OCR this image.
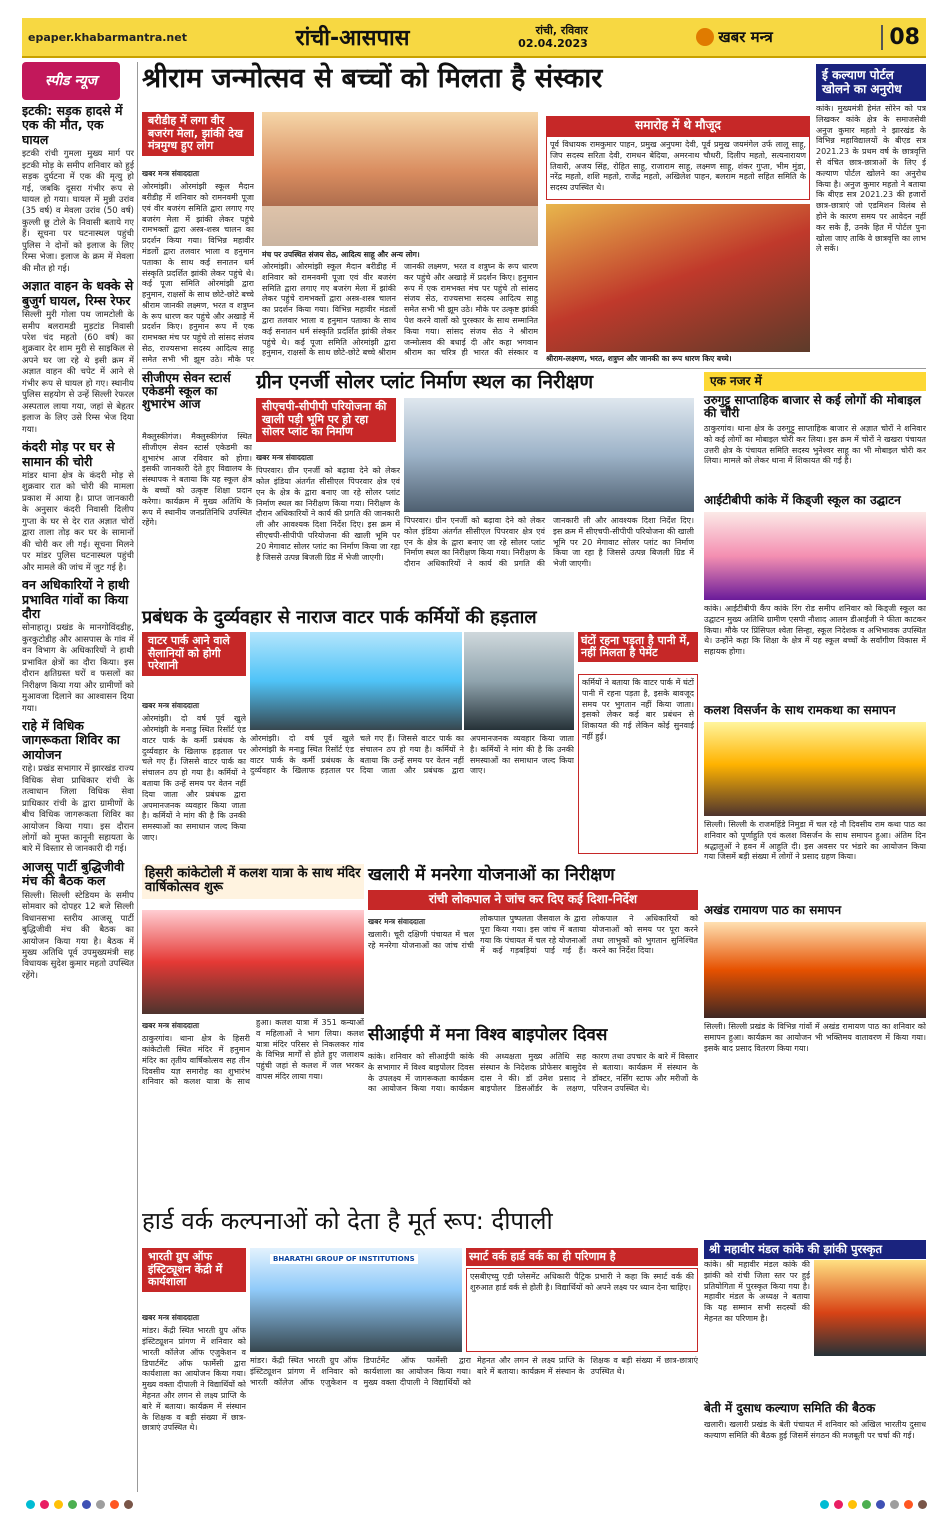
epaper.khabarmantra.net	रांची-आसपास	रांची, रविवार
02.04.2023	खबर मन्त्र	08
स्पीड न्यूज
इटकी: सड़क हादसे में एक की मौत, एक घायल

इटकी रांची गुमला मुख्य मार्ग पर इटकी मोड़ के समीप शनिवार को हुई सड़क दुर्घटना में एक की मृत्यु हो गई, जबकि दूसरा गंभीर रूप से घायल हो गया। घायल में मुन्नी उरांव (35 वर्ष) व मेवला उरांव (50 वर्ष) कुल्ली छू टोले के निवासी बताये गए हैं। सूचना पर घटनास्थल पहुंची पुलिस ने दोनों को इलाज के लिए रिम्स भेजा। इलाज के क्रम में मेवला की मौत हो गई।

अज्ञात वाहन के धक्के से बुजुर्ग घायल, रिम्स रेफर

सिल्ली मुरी गोला पथ जामटोली के समीप बलरामडी मुड़टांड निवासी परेश चंद महतो (60 वर्ष) का शुक्रवार देर शाम मुरी से साइकिल से अपने घर जा रहे थे इसी क्रम में अज्ञात वाहन की चपेट में आने से गंभीर रूप से घायल हो गए। स्थानीय पुलिस सहयोग से उन्हें सिल्ली रेफरल अस्पताल लाया गया, जहां से बेहतर इलाज के लिए उसे रिम्स भेज दिया गया।

कंदरी मोड़ पर घर से सामान की चोरी

मांडर थाना क्षेत्र के कंदरी मोड़ से शुक्रवार रात को चोरी की मामला प्रकाश में आया है। प्राप्त जानकारी के अनुसार कंदरी निवासी दिलीप गुप्ता के घर से देर रात अज्ञात चोरों द्वारा ताला तोड़ कर घर के सामानों की चोरी कर ली गई। सूचना मिलने पर मांडर पुलिस घटनास्थल पहुंची और मामले की जांच में जुट गई है।

वन अधिकारियों ने हाथी प्रभावित गांवों का किया दौरा

सोनाहातू। प्रखंड के मानगोविंदडीह, कुरकुटोडीह और आसपास के गांव में वन विभाग के अधिकारियों ने हाथी प्रभावित क्षेत्रों का दौरा किया। इस दौरान क्षतिग्रस्त घरों व फसलों का निरीक्षण किया गया और ग्रामीणों को मुआवजा दिलाने का आश्वासन दिया गया।

राहे में विधिक जागरूकता शिविर का आयोजन

राहे। प्रखंड सभागार में झारखंड राज्य विधिक सेवा प्राधिकार रांची के तत्वाधान जिला विधिक सेवा प्राधिकार रांची के द्वारा ग्रामीणों के बीच विधिक जागरूकता शिविर का आयोजन किया गया। इस दौरान लोगों को मुफ्त कानूनी सहायता के बारे में विस्तार से जानकारी दी गई।

आजसू पार्टी बुद्धिजीवी मंच की बैठक कल

सिल्ली। सिल्ली स्टेडियम के समीप सोमवार को दोपहर 12 बजे सिल्ली विधानसभा स्तरीय आजसू पार्टी बुद्धिजीवी मंच की बैठक का आयोजन किया गया है। बैठक में मुख्य अतिथि पूर्व उपमुख्यमंत्री सह विधायक सुदेश कुमार महतो उपस्थित रहेंगे।

श्रीराम जन्मोत्सव से बच्चों को मिलता है संस्कार
बरीडीह में लगा वीर बजरंग मेला, झांकी देख मंत्रमुग्ध हुए लोग
मंच पर उपस्थित संजय सेठ, आदित्य साहू और अन्य लोग।
खबर मन्त्र संवाददाता
ओरमांझी। ओरमांझी स्कूल मैदान बरीडीह में शनिवार को रामनवमी पूजा एवं वीर बजरंग समिति द्वारा लगाए गए बजरंग मेला में झांकी लेकर पहुंचे रामभक्तों द्वारा अस्त्र-शस्त्र चालन का प्रदर्शन किया गया। विभिन्न महावीर मंडलों द्वारा तलवार भाला व हनुमान पताका के साथ कई सनातन धर्म संस्कृति प्रदर्शित झांकी लेकर पहुंचे थे। कई पूजा समिति ओरमांझी द्वारा हनुमान, राक्षसों के साथ छोटे-छोटे बच्चे श्रीराम जानकी लक्ष्मण, भरत व शत्रुघ्न के रूप धारण कर पहुंचे और अखाड़े में प्रदर्शन किए। हनुमान रूप में एक रामभक्त मंच पर पहुंचे तो सांसद संजय सेठ, राज्यसभा सदस्य आदित्य साहू समेत सभी भी झूम उठे। मौके पर
ओरमांझी। ओरमांझी स्कूल मैदान बरीडीह में शनिवार को रामनवमी पूजा एवं वीर बजरंग समिति द्वारा लगाए गए बजरंग मेला में झांकी लेकर पहुंचे रामभक्तों द्वारा अस्त्र-शस्त्र चालन का प्रदर्शन किया गया। विभिन्न महावीर मंडलों द्वारा तलवार भाला व हनुमान पताका के साथ कई सनातन धर्म संस्कृति प्रदर्शित झांकी लेकर पहुंचे थे। कई पूजा समिति ओरमांझी द्वारा हनुमान, राक्षसों के साथ छोटे-छोटे बच्चे श्रीराम जानकी लक्ष्मण, भरत व शत्रुघ्न के रूप धारण कर पहुंचे और अखाड़े में प्रदर्शन किए। हनुमान रूप में एक रामभक्त मंच पर पहुंचे तो सांसद संजय सेठ, राज्यसभा सदस्य आदित्य साहू समेत सभी भी झूम उठे। मौके पर उत्कृष्ट झांकी पेश करने वालों को पुरस्कार के साथ सम्मानित किया गया। सांसद संजय सेठ ने श्रीराम जन्मोत्सव की बधाई दी और कहा भगवान श्रीराम का चरित्र ही भारत की संस्कार व
समारोह में थे मौजूद
पूर्व विधायक रामकुमार पाहन, प्रमुख अनुपमा देवी, पूर्व प्रमुख जयमंगेल उर्फ लालू साहू, जिप सदस्य सरिता देवी, रामधन बेदिया, अमरनाथ चौधरी, दिलीप महतो, सत्यनारायण तिवारी, अजय सिंह, रोहित साहू, राजाराम साहू, लक्ष्मण साहू, शंकर गुप्ता, भीम मुंडा, नरेंद्र महतो, शशि महतो, राजेंद्र महतो, अखिलेश पाहन, बलराम महतो सहित समिति के सदस्य उपस्थित थे।
श्रीराम-लक्ष्मण, भरत, शत्रुघ्न और जानकी का रूप धारण किए बच्चे।
ई कल्याण पोर्टल खोलने का अनुरोध
कांके। मुख्यमंत्री हेमंत सोरेन को पत्र लिखकर कांके क्षेत्र के समाजसेवी अनुज कुमार महतो ने झारखंड के विभिन्न महाविद्यालयों के बीएड सत्र 2021.23 के प्रथम वर्ष के छात्रवृत्ति से वंचित छात्र-छात्राओं के लिए ई कल्याण पोर्टल खोलने का अनुरोध किया है। अनुज कुमार महतो ने बताया कि बीएड सत्र 2021.23 की हजारों छात्र-छात्राएं जो एडमिशन विलंब से होने के कारण समय पर आवेदन नहीं कर सके हैं, उनके हित में पोर्टल पुनः खोला जाए ताकि वे छात्रवृत्ति का लाभ ले सकें।
सीजीएम सेवन स्टार्स एकेडमी स्कूल का शुभारंभ आज
मैक्लुस्कीगंज। मैक्लुस्कीगंज स्थित सीजीएम सेवन स्टार्स एकेडमी का शुभारंभ आज रविवार को होगा। इसकी जानकारी देते हुए विद्यालय के संस्थापक ने बताया कि यह स्कूल क्षेत्र के बच्चों को उत्कृष्ट शिक्षा प्रदान करेगा। कार्यक्रम में मुख्य अतिथि के रूप में स्थानीय जनप्रतिनिधि उपस्थित रहेंगे।
ग्रीन एनर्जी सोलर प्लांट निर्माण स्थल का निरीक्षण
सीएचपी-सीपीपी परियोजना की खाली पड़ी भूमि पर हो रहा सोलर प्लांट का निर्माण
खबर मन्त्र संवाददाता
पिपरवार। ग्रीन एनर्जी को बढ़ावा देने को लेकर कोल इंडिया अंतर्गत सीसीएल पिपरवार क्षेत्र एवं एन के क्षेत्र के द्वारा बनाए जा रहे सोलर प्लांट निर्माण स्थल का निरीक्षण किया गया। निरीक्षण के दौरान अधिकारियों ने कार्य की प्रगति की जानकारी ली और आवश्यक दिशा निर्देश दिए। इस क्रम में सीएचपी-सीपीपी परियोजना की खाली भूमि पर 20 मेगावाट सोलर प्लांट का निर्माण किया जा रहा है जिससे उत्पन्न बिजली ग्रिड में भेजी जाएगी।
पिपरवार। ग्रीन एनर्जी को बढ़ावा देने को लेकर कोल इंडिया अंतर्गत सीसीएल पिपरवार क्षेत्र एवं एन के क्षेत्र के द्वारा बनाए जा रहे सोलर प्लांट निर्माण स्थल का निरीक्षण किया गया। निरीक्षण के दौरान अधिकारियों ने कार्य की प्रगति की जानकारी ली और आवश्यक दिशा निर्देश दिए। इस क्रम में सीएचपी-सीपीपी परियोजना की खाली भूमि पर 20 मेगावाट सोलर प्लांट का निर्माण किया जा रहा है जिससे उत्पन्न बिजली ग्रिड में भेजी जाएगी।
एक नजर में
उरुगुट्टू साप्ताहिक बाजार से कई लोगों की मोबाइल की चोरी
ठाकुरगांव। थाना क्षेत्र के उरुगुट्टू साप्ताहिक बाजार से अज्ञात चोरों ने शनिवार को कई लोगों का मोबाइल चोरी कर लिया। इस क्रम में चोरों ने खखरा पंचायत उत्तरी क्षेत्र के पंचायत समिति सदस्य भुनेश्वर साहू का भी मोबाइल चोरी कर लिया। मामले को लेकर थाना में शिकायत की गई है।
आईटीबीपी कांके में किड्जी स्कूल का उद्घाटन
कांके। आईटीबीपी कैंप कांके रिंग रोड समीप शनिवार को किड्जी स्कूल का उद्घाटन मुख्य अतिथि ग्रामीण एसपी नौशाद आलम डीआईजी ने फीता काटकर किया। मौके पर प्रिंसिपल श्वेता सिन्हा, स्कूल निदेशक व अभिभावक उपस्थित थे। उन्होंने कहा कि शिक्षा के क्षेत्र में यह स्कूल बच्चों के सर्वांगीण विकास में सहायक होगा।
कलश विसर्जन के साथ रामकथा का समापन
सिल्ली। सिल्ली के राजमहिंडे निमुडा में चल रहे नौ दिवसीय राम कथा पाठ का शनिवार को पूर्णाहुति एवं कलश विसर्जन के साथ समापन हुआ। अंतिम दिन श्रद्धालुओं ने हवन में आहुति दी। इस अवसर पर भंडारे का आयोजन किया गया जिसमें बड़ी संख्या में लोगों ने प्रसाद ग्रहण किया।
अखंड रामायण पाठ का समापन
सिल्ली। सिल्ली प्रखंड के विभिन्न गांवों में अखंड रामायण पाठ का शनिवार को समापन हुआ। कार्यक्रम का आयोजन भी भक्तिमय वातावरण में किया गया। इसके बाद प्रसाद वितरण किया गया।
श्री महावीर मंडल कांके की झांकी पुरस्कृत
कांके। श्री महावीर मंडल कांके की झांकी को रांची जिला स्तर पर हुई प्रतियोगिता में पुरस्कृत किया गया है। महावीर मंडल के अध्यक्ष ने बताया कि यह सम्मान सभी सदस्यों की मेहनत का परिणाम है।
बेती में दुसाध कल्याण समिति की बैठक
खलारी। खलारी प्रखंड के बेती पंचायत में शनिवार को अखिल भारतीय दुसाध कल्याण समिति की बैठक हुई जिसमें संगठन की मजबूती पर चर्चा की गई।
प्रबंधक के दुर्व्यवहार से नाराज वाटर पार्क कर्मियों की हड़ताल
वाटर पार्क आने वाले सैलानियों को होगी परेशानी
खबर मन्त्र संवाददाता
ओरमांझी। दो वर्ष पूर्व खुले ओरमांझी के मनाडु स्थित रिसॉर्ट एंड वाटर पार्क के कर्मी प्रबंधक के दुर्व्यवहार के खिलाफ हड़ताल पर चले गए हैं। जिससे वाटर पार्क का संचालन ठप हो गया है। कर्मियों ने बताया कि उन्हें समय पर वेतन नहीं दिया जाता और प्रबंधक द्वारा अपमानजनक व्यवहार किया जाता है। कर्मियों ने मांग की है कि उनकी समस्याओं का समाधान जल्द किया जाए।
ओरमांझी। दो वर्ष पूर्व खुले ओरमांझी के मनाडु स्थित रिसॉर्ट एंड वाटर पार्क के कर्मी प्रबंधक के दुर्व्यवहार के खिलाफ हड़ताल पर चले गए हैं। जिससे वाटर पार्क का संचालन ठप हो गया है। कर्मियों ने बताया कि उन्हें समय पर वेतन नहीं दिया जाता और प्रबंधक द्वारा अपमानजनक व्यवहार किया जाता है। कर्मियों ने मांग की है कि उनकी समस्याओं का समाधान जल्द किया जाए।
घंटों रहना पड़ता है पानी में, नहीं मिलता है पेमेंट
कर्मियों ने बताया कि वाटर पार्क में घंटों पानी में रहना पड़ता है, इसके बावजूद समय पर भुगतान नहीं किया जाता। इसको लेकर कई बार प्रबंधन से शिकायत की गई लेकिन कोई सुनवाई नहीं हुई।
हिसरी कांकेटोली में कलश यात्रा के साथ मंदिर वार्षिकोत्सव शुरू
खबर मन्त्र संवाददाता
ठाकुरगांव। थाना क्षेत्र के हिसरी कांकेटोली स्थित मंदिर में हनुमान मंदिर का तृतीय वार्षिकोत्सव सह तीन दिवसीय यज्ञ समारोह का शुभारंभ शनिवार को कलश यात्रा के साथ हुआ। कलश यात्रा में 351 कन्याओं व महिलाओं ने भाग लिया। कलश यात्रा मंदिर परिसर से निकलकर गांव के विभिन्न मार्गों से होते हुए जलाशय पहुंची जहां से कलश में जल भरकर वापस मंदिर लाया गया।
खलारी में मनरेगा योजनाओं का निरीक्षण
रांची लोकपाल ने जांच कर दिए कई दिशा-निर्देश
खबर मन्त्र संवाददाता
खलारी। चूरी दक्षिणी पंचायत में चल रहे मनरेगा योजनाओं का जांच रांची लोकपाल पुष्पलता जैसवाल के द्वारा पूरा किया गया। इस जांच में बताया गया कि पंचायत में चल रहे योजनाओं में कई गड़बड़ियां पाई गई हैं। लोकपाल ने अधिकारियों को योजनाओं को समय पर पूरा करने तथा लाभुकों को भुगतान सुनिश्चित करने का निर्देश दिया।
सीआईपी में मना विश्व बाइपोलर दिवस
कांके। शनिवार को सीआईपी कांके के सभागार में विश्व बाइपोलर दिवस के उपलक्ष्य में जागरूकता कार्यक्रम का आयोजन किया गया। कार्यक्रम की अध्यक्षता मुख्य अतिथि सह संस्थान के निदेशक प्रोफेसर बासुदेव दास ने की। डॉ उमेश प्रसाद ने बाइपोलर डिसऑर्डर के लक्षण, कारण तथा उपचार के बारे में विस्तार से बताया। कार्यक्रम में संस्थान के डॉक्टर, नर्सिंग स्टाफ और मरीजों के परिजन उपस्थित थे।
हार्ड वर्क कल्पनाओं को देता है मूर्त रूप: दीपाली
भारती ग्रुप ऑफ इंस्टिट्यूशन केंद्री में कार्यशाला
BHARATHI GROUP OF INSTITUTIONS	स्मार्ट वर्क हार्ड वर्क का ही परिणाम है
एसबीएच्यु एडी प्लेसमेंट अधिकारी पैट्रिक प्रभारी ने कहा कि स्मार्ट वर्क की शुरुआत हार्ड वर्क से होती है। विद्यार्थियों को अपने लक्ष्य पर ध्यान देना चाहिए।
खबर मन्त्र संवाददाता
मांडर। केंद्री स्थित भारती ग्रुप ऑफ इंस्टिट्यूशन प्रांगण में शनिवार को भारती कॉलेज ऑफ एजुकेशन व डिपार्टमेंट ऑफ फार्मेसी द्वारा कार्यशाला का आयोजन किया गया। मुख्य वक्ता दीपाली ने विद्यार्थियों को मेहनत और लगन से लक्ष्य प्राप्ति के बारे में बताया। कार्यक्रम में संस्थान के शिक्षक व बड़ी संख्या में छात्र-छात्राएं उपस्थित थे।
मांडर। केंद्री स्थित भारती ग्रुप ऑफ इंस्टिट्यूशन प्रांगण में शनिवार को भारती कॉलेज ऑफ एजुकेशन व डिपार्टमेंट ऑफ फार्मेसी द्वारा कार्यशाला का आयोजन किया गया। मुख्य वक्ता दीपाली ने विद्यार्थियों को मेहनत और लगन से लक्ष्य प्राप्ति के बारे में बताया। कार्यक्रम में संस्थान के शिक्षक व बड़ी संख्या में छात्र-छात्राएं उपस्थित थे।
